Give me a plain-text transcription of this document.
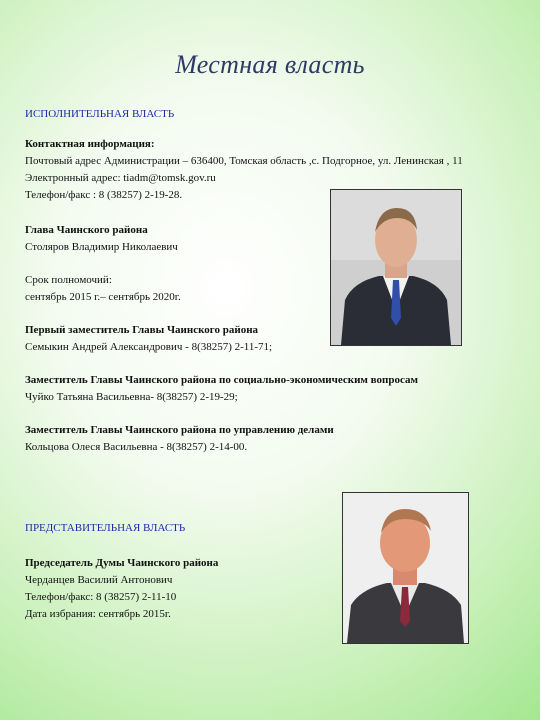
Местная власть
ИСПОЛНИТЕЛЬНАЯ ВЛАСТЬ
Контактная информация:
Почтовый адрес Администрации – 636400, Томская область ,с. Подгорное, ул. Ленинская , 11
Электронный адрес: tiadm@tomsk.gov.ru
Телефон/факс : 8 (38257) 2-19-28.
Глава Чаинского района
Столяров Владимир Николаевич
Срок полномочий:
сентябрь 2015 г.– сентябрь 2020г.
Первый заместитель Главы Чаинского района
Семыкин Андрей Александрович - 8(38257) 2-11-71;
Заместитель Главы Чаинского района по социально-экономическим вопросам
Чуйко Татьяна Васильевна- 8(38257) 2-19-29;
Заместитель Главы Чаинского района по управлению делами
Кольцова Олеся Васильевна - 8(38257) 2-14-00.
ПРЕДСТАВИТЕЛЬНАЯ ВЛАСТЬ
Председатель Думы Чаинского района
Черданцев Василий Антонович
Телефон/факс: 8 (38257) 2-11-10
Дата избрания: сентябрь 2015г.
